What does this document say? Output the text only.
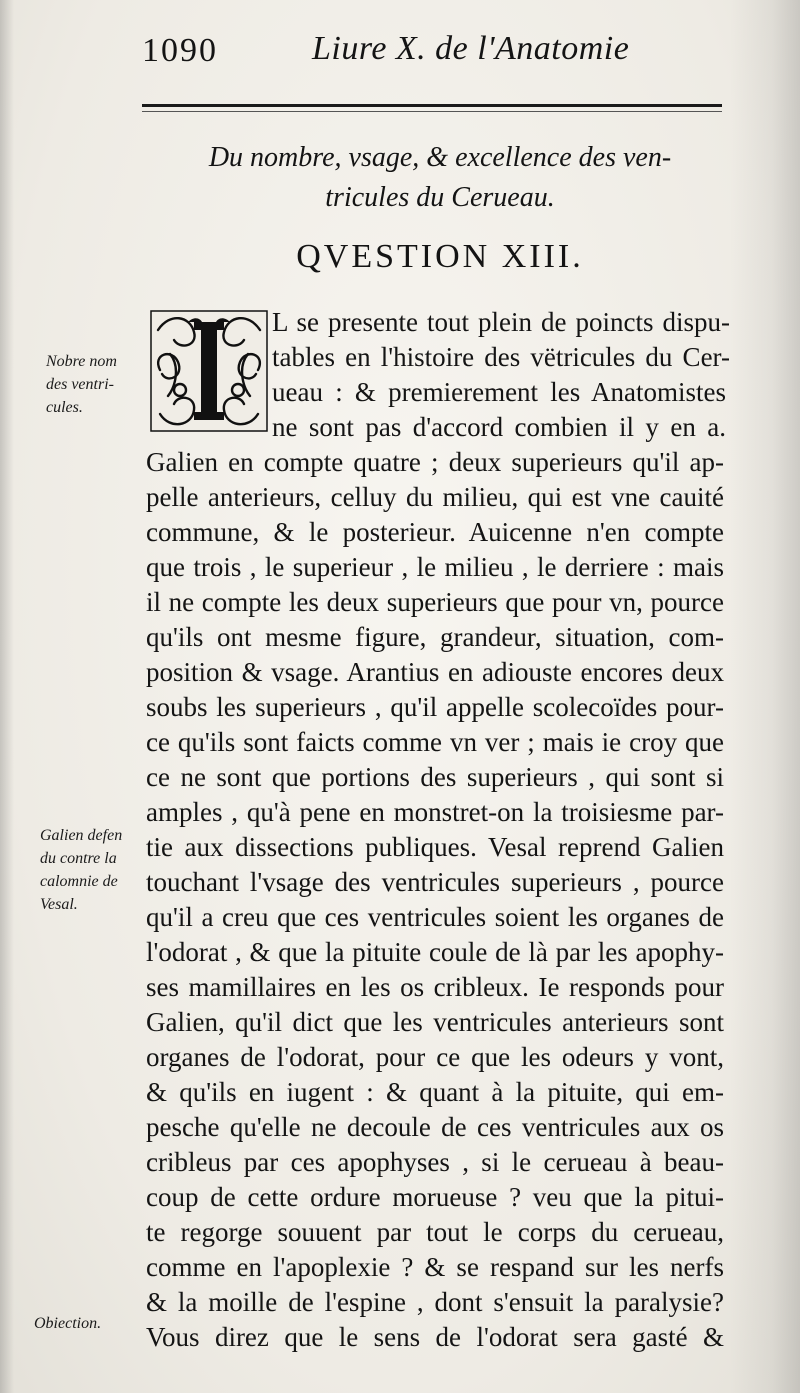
1090	Liure X. de l'Anatomie
Du nombre, vsage, & excellence des ven-
tricules du Cerueau.
QVESTION XIII.
L se presente tout plein de poincts dispu-
tables en l'histoire des vëtricules du Cer-
ueau : & premierement les Anatomistes
ne sont pas d'accord combien il y en a.
Galien en compte quatre ; deux superieurs qu'il ap-
pelle anterieurs, celluy du milieu, qui est vne cauité
commune, & le posterieur. Auicenne n'en compte
que trois , le superieur , le milieu , le derriere : mais
il ne compte les deux superieurs que pour vn, pource
qu'ils ont mesme figure, grandeur, situation, com-
position & vsage. Arantius en adiouste encores deux
soubs les superieurs , qu'il appelle scolecoïdes pour-
ce qu'ils sont faicts comme vn ver ; mais ie croy que
ce ne sont que portions des superieurs , qui sont si
amples , qu'à pene en monstret-on la troisiesme par-
tie aux dissections publiques. Vesal reprend Galien
touchant l'vsage des ventricules superieurs , pource
qu'il a creu que ces ventricules soient les organes de
l'odorat , & que la pituite coule de là par les apophy-
ses mamillaires en les os cribleux. Ie responds pour
Galien, qu'il dict que les ventricules anterieurs sont
organes de l'odorat, pour ce que les odeurs y vont,
& qu'ils en iugent : & quant à la pituite, qui em-
pesche qu'elle ne decoule de ces ventricules aux os
cribleus par ces apophyses , si le cerueau à beau-
coup de cette ordure morueuse ? veu que la pitui-
te regorge souuent par tout le corps du cerueau,
comme en l'apoplexie ? & se respand sur les nerfs
& la moille de l'espine , dont s'ensuit la paralysie?
Vous direz que le sens de l'odorat sera gasté &
Nobre nom
des ventri-
cules.
Galien defen
du contre la
calomnie de
Vesal.
Obiection.
